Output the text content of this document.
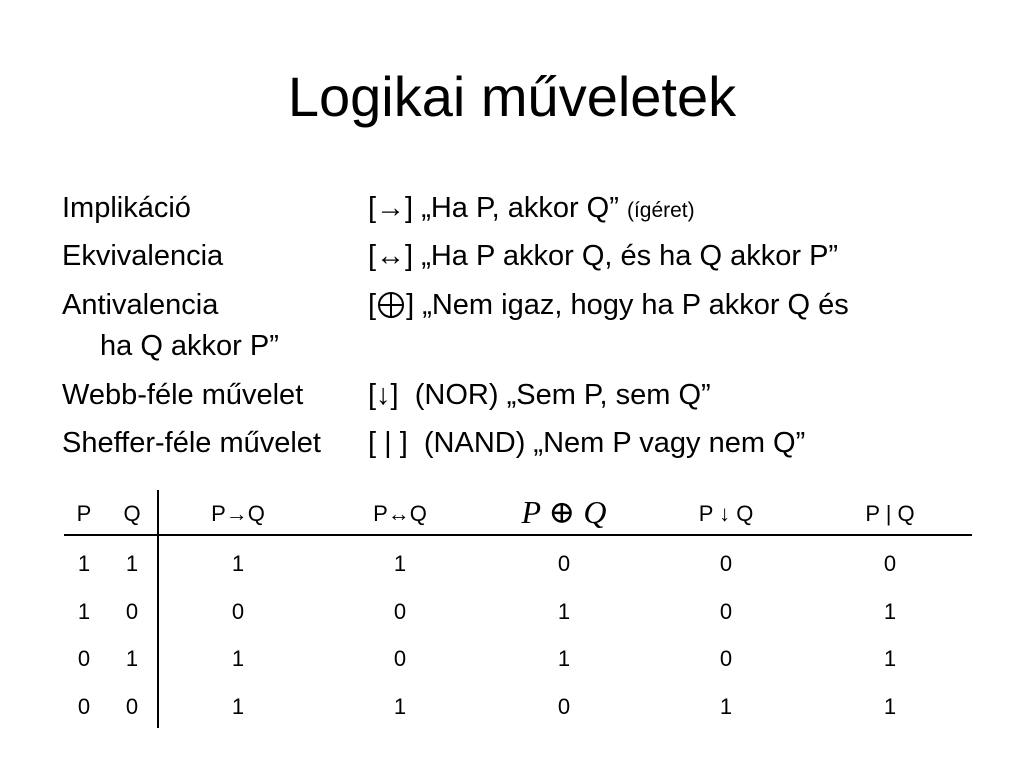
Logikai műveletek
Implikáció	[→] „Ha P, akkor Q” (ígéret)
Ekvivalencia	[↔] „Ha P akkor Q, és ha Q akkor P”
Antivalencia	[ ] „Nem igaz, hogy ha P akkor Q és
ha Q akkor P”
Webb-féle művelet [↓] (NOR) „Sem P, sem Q”
Sheffer-féle művelet [ | ] (NAND) „Nem P vagy nem Q”
P Q	P→Q	P↔Q	P ⊕ Q	P ↓ Q	P | Q
1 1	1	1	0	0	0
1 0	0	0	1	0	1
0 1	1	0	1	0	1
0 0	1	1	0	1	1
